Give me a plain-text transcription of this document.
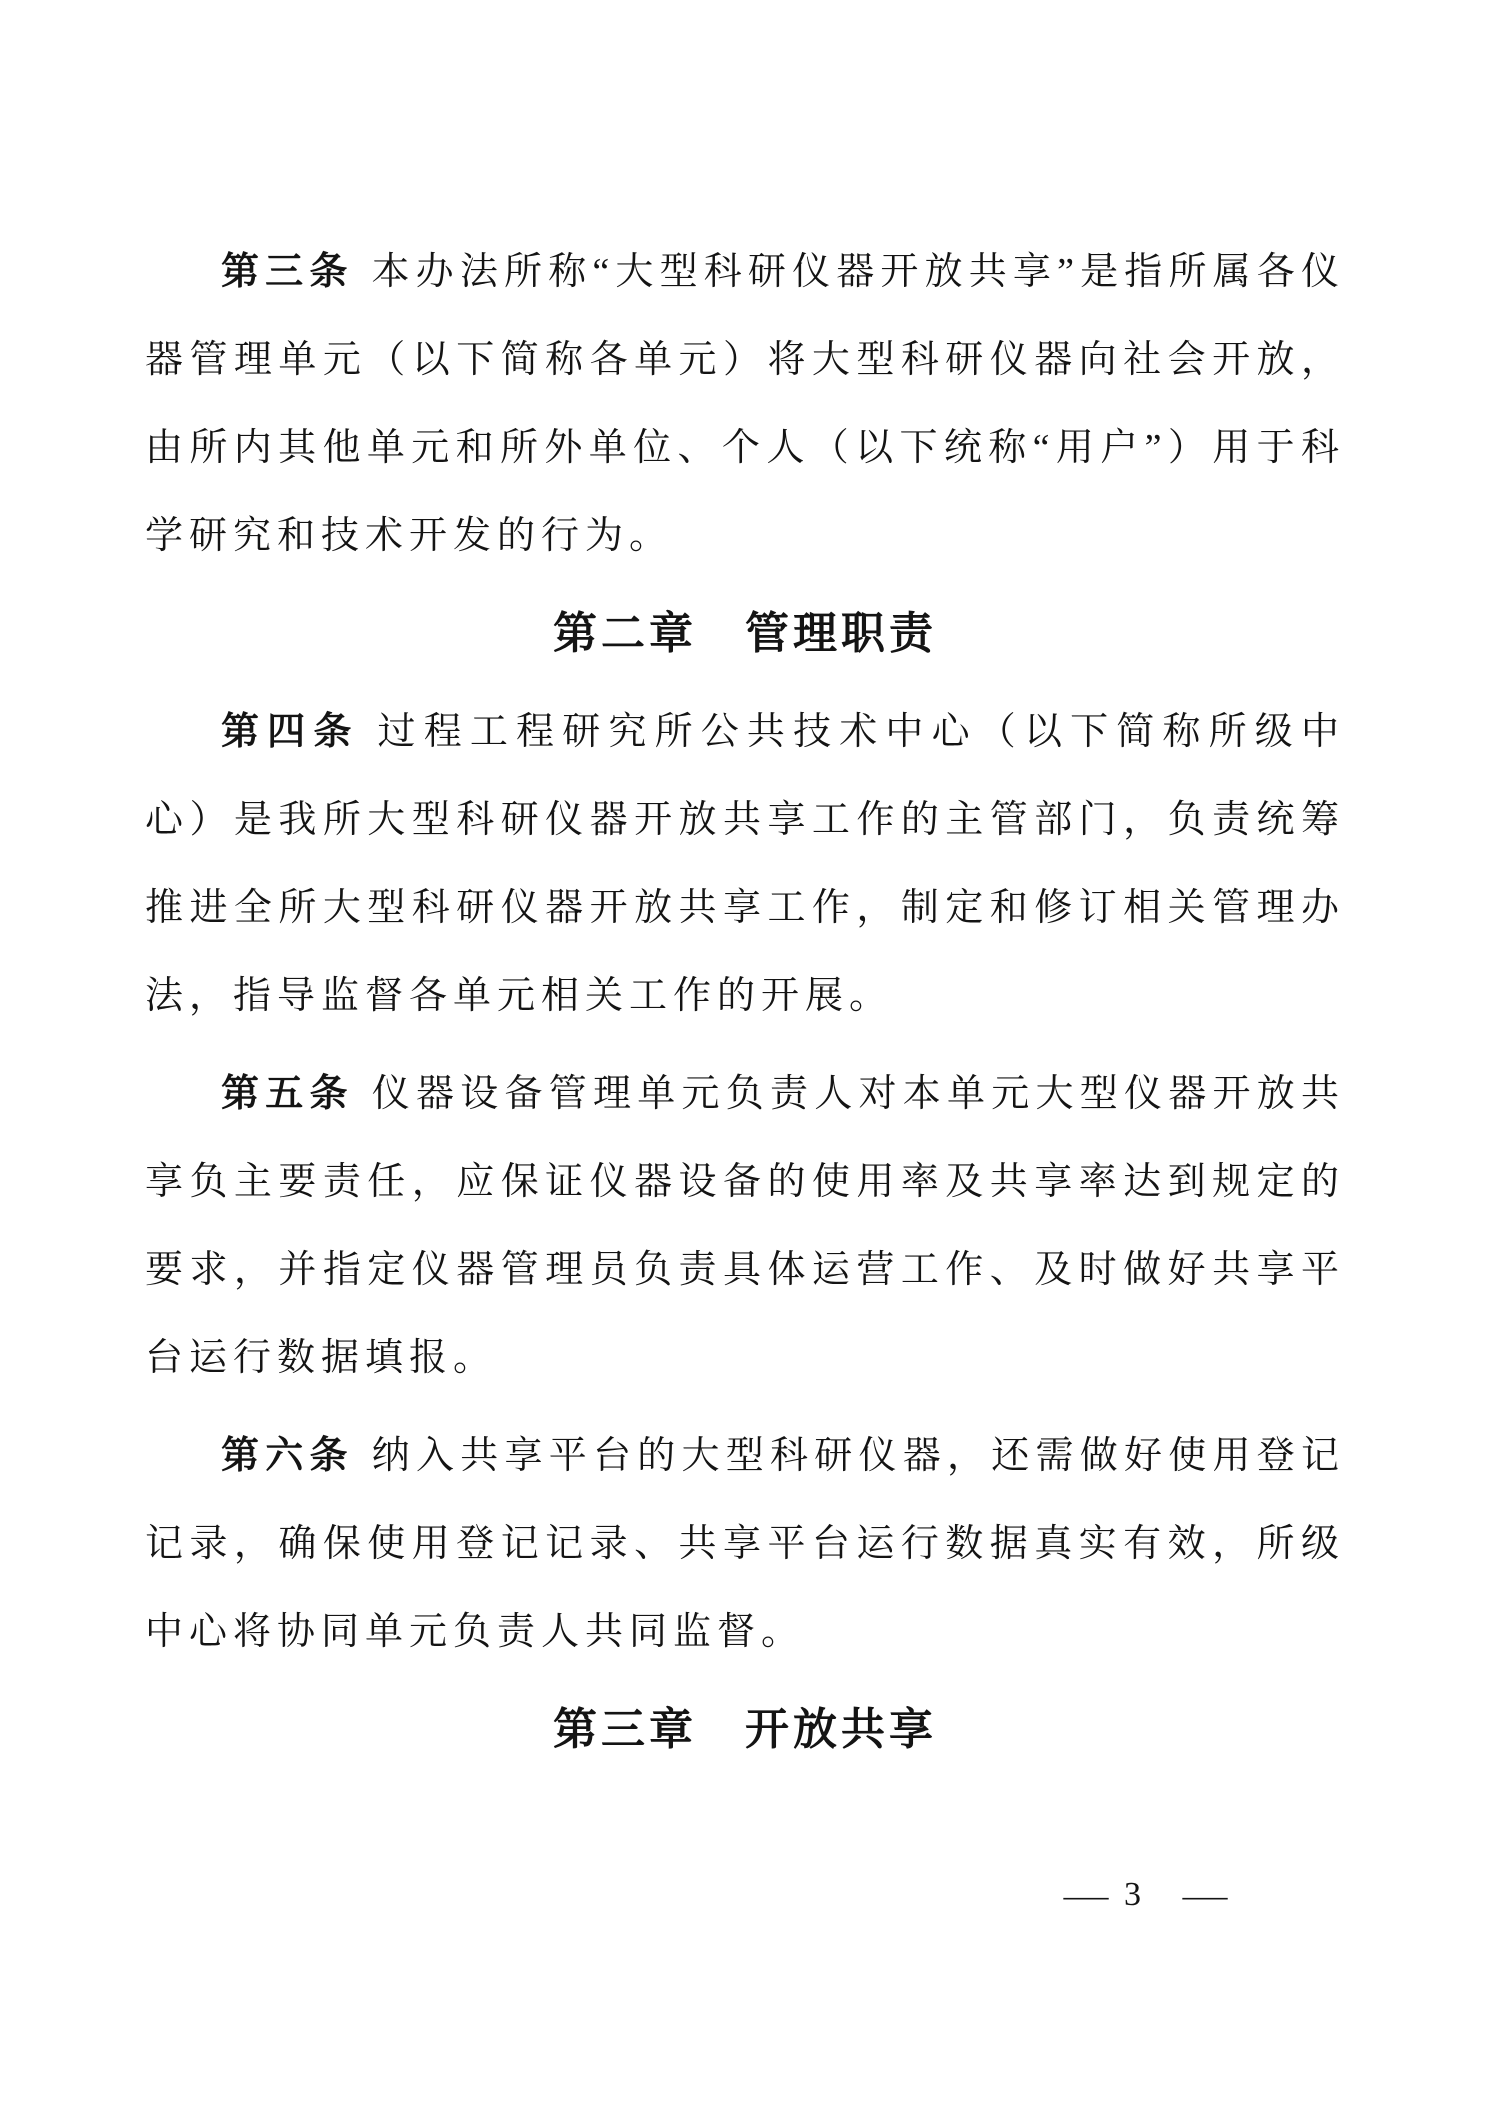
第三条 本办法所称“大型科研仪器开放共享”是指所属各仪器管理单元（以下简称各单元）将大型科研仪器向社会开放，由所内其他单元和所外单位、个人（以下统称“用户”）用于科学研究和技术开发的行为。

第二章　管理职责

第四条 过程工程研究所公共技术中心（以下简称所级中心）是我所大型科研仪器开放共享工作的主管部门，负责统筹推进全所大型科研仪器开放共享工作，制定和修订相关管理办法，指导监督各单元相关工作的开展。

第五条 仪器设备管理单元负责人对本单元大型仪器开放共享负主要责任，应保证仪器设备的使用率及共享率达到规定的要求，并指定仪器管理员负责具体运营工作、及时做好共享平台运行数据填报。

第六条 纳入共享平台的大型科研仪器，还需做好使用登记记录，确保使用登记记录、共享平台运行数据真实有效，所级中心将协同单元负责人共同监督。

第三章　开放共享
— 3 —
